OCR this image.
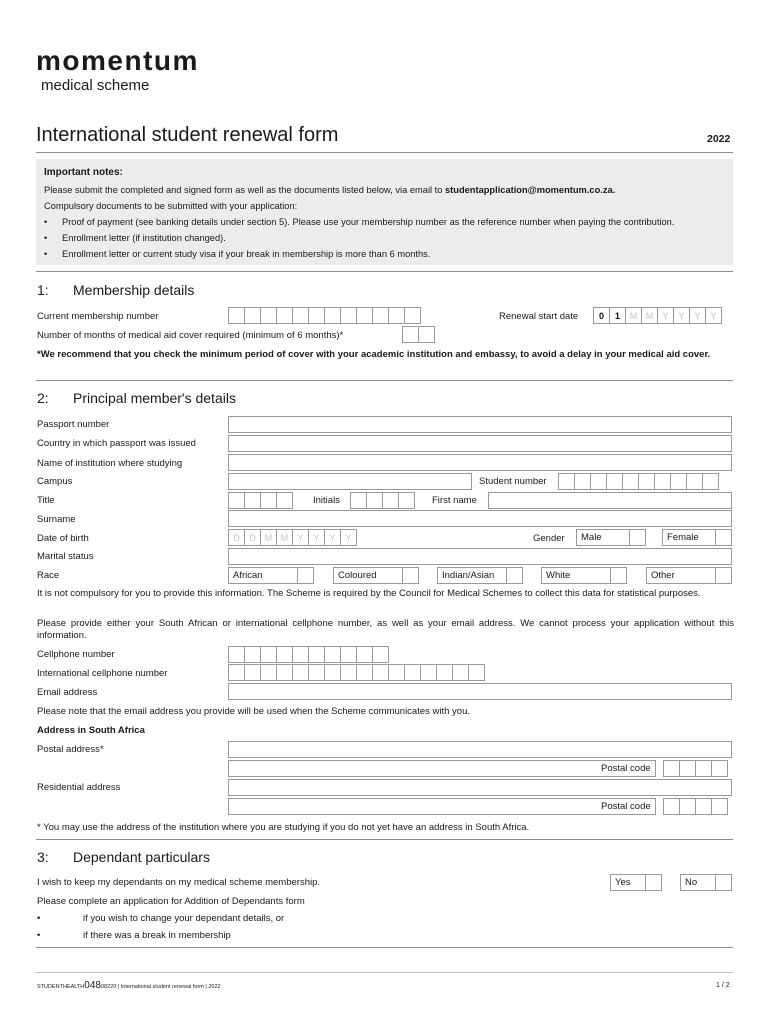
momentum
medical scheme
International student renewal form	2022

Important notes:

Please submit the completed and signed form as well as the documents listed below, via email to studentapplication@momentum.co.za.

Compulsory documents to be submitted with your application:

• Proof of payment (see banking details under section 5). Please use your membership number as the reference number when paying the contribution.

• Enrollment letter (if institution changed).

• Enrollment letter or current study visa if your break in membership is more than 6 months.

1: Membership details
Current membership number	Renewal start date	0	1	M M	Y	Y	Y	Y
Number of months of medical aid cover required (minimum of 6 months)*
*We recommend that you check the minimum period of cover with your academic institution and embassy, to avoid a delay in your medical aid cover.
2: Principal member's details
Passport number
Country in which passport was issued
Name of institution where studying
Campus	Student number
Title	Initials	First name
Surname
Date of birth	D	D	M M	Y	Y	Y	Y	Gender	Male	Female
Marital status
Race	African	Coloured	Indian/Asian	White	Other
It is not compulsory for you to provide this information. The Scheme is required by the Council for Medical Schemes to collect this data for statistical purposes.
Please provide either your South African or international cellphone number, as well as your email address. We cannot process your application without this information.
Cellphone number
International cellphone number
Email address
Please note that the email address you provide will be used when the Scheme communicates with you.
Address in South Africa
Postal address*
Postal code
Residential address
Postal code
* You may use the address of the institution where you are studying if you do not yet have an address in South Africa.
3: Dependant particulars
I wish to keep my dependants on my medical scheme membership.	Yes	No
Please complete an application for Addition of Dependants form
•	if you wish to change your dependant details, or
•	if there was a break in membership
STUDENTHEALTH04808220 | International student renewal form | 2022	1 / 2
